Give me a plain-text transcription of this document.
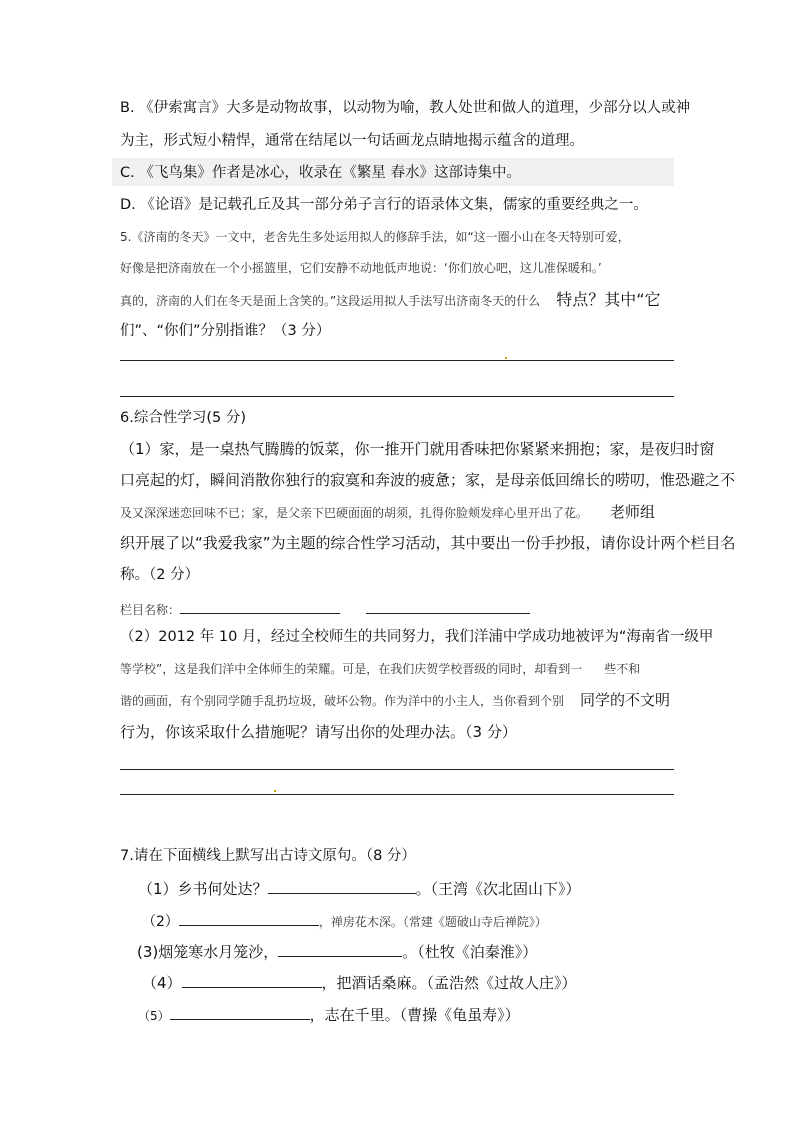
B. 《伊索寓言》大多是动物故事，以动物为喻，教人处世和做人的道理，少部分以人或神
为主，形式短小精悍，通常在结尾以一句话画龙点睛地揭示蕴含的道理。
C. 《飞鸟集》作者是冰心，收录在《繁星 春水》这部诗集中。
D. 《论语》是记载孔丘及其一部分弟子言行的语录体文集，儒家的重要经典之一。
5.《济南的冬天》一文中，老舍先生多处运用拟人的修辞手法，如“这一圈小山在冬天特别可爱，
好像是把济南放在一个小摇篮里，它们安静不动地低声地说：‘你们放心吧，这儿准保暖和。’
真的，济南的人们在冬天是面上含笑的。”这段运用拟人手法写出济南冬天的什么 特点？其中“它
们”、“你们”分别指谁？（3 分）
6.综合性学习(5 分)
（1）家，是一桌热气腾腾的饭菜，你一推开门就用香味把你紧紧来拥抱；家，是夜归时窗
口亮起的灯，瞬间消散你独行的寂寞和奔波的疲惫；家，是母亲低回绵长的唠叨，惟恐避之不
及又深深迷恋回味不已；家，是父亲下巴硬面面的胡须，扎得你脸颊发痒心里开出了花。 老师组
织开展了以“我爱我家”为主题的综合性学习活动，其中要出一份手抄报，请你设计两个栏目名
称。（2 分）
栏目名称：
（2）2012 年 10 月，经过全校师生的共同努力，我们洋浦中学成功地被评为“海南省一级甲
等学校”，这是我们洋中全体师生的荣耀。可是，在我们庆贺学校晋级的同时，却看到一 些不和
谐的画面，有个别同学随手乱扔垃圾，破坏公物。作为洋中的小主人，当你看到个别 同学的不文明
行为，你该采取什么措施呢？请写出你的处理办法。（3 分）
7.请在下面横线上默写出古诗文原句。（8 分）
（1）乡书何处达？	。（王湾《次北固山下》）
（2）	，禅房花木深。（常建《题破山寺后禅院》）
(3)烟笼寒水月笼沙，	。（杜牧《泊秦淮》）
（4）	，把酒话桑麻。（孟浩然《过故人庄》）
（5）	，志在千里。（曹操《龟虽寿》）
